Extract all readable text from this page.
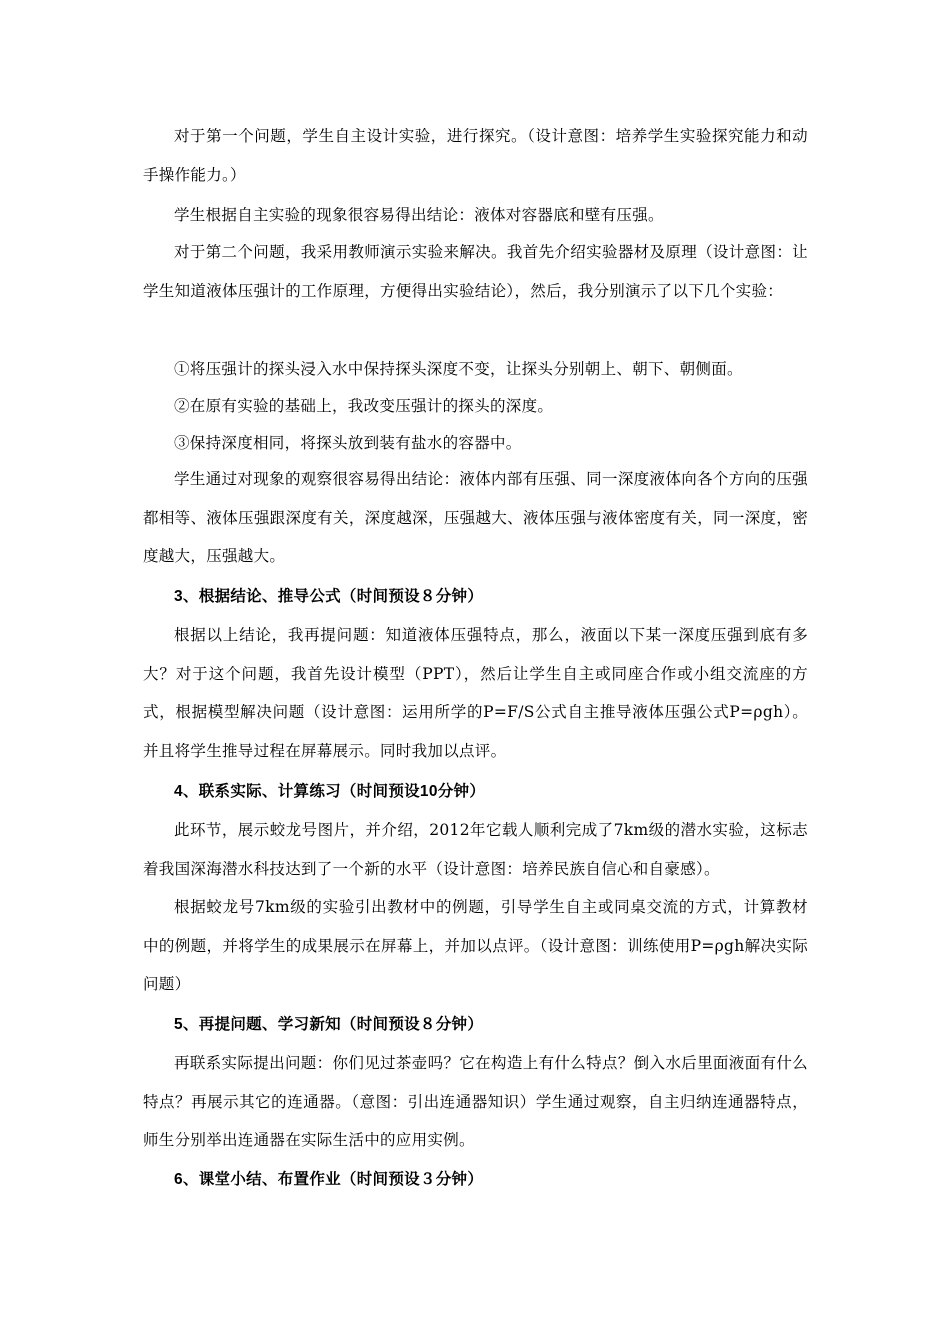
对于第一个问题，学生自主设计实验，进行探究。（设计意图：培养学生实验探究能力和动手操作能力。）

学生根据自主实验的现象很容易得出结论：液体对容器底和壁有压强。

对于第二个问题，我采用教师演示实验来解决。我首先介绍实验器材及原理（设计意图：让学生知道液体压强计的工作原理，方便得出实验结论），然后，我分别演示了以下几个实验：

①将压强计的探头浸入水中保持探头深度不变，让探头分别朝上、朝下、朝侧面。

②在原有实验的基础上，我改变压强计的探头的深度。

③保持深度相同，将探头放到装有盐水的容器中。

学生通过对现象的观察很容易得出结论：液体内部有压强、同一深度液体向各个方向的压强都相等、液体压强跟深度有关，深度越深，压强越大、液体压强与液体密度有关，同一深度，密度越大，压强越大。

3、根据结论、推导公式（时间预设８分钟）

根据以上结论，我再提问题：知道液体压强特点，那么，液面以下某一深度压强到底有多大？对于这个问题，我首先设计模型（PPT），然后让学生自主或同座合作或小组交流座的方式，根据模型解决问题（设计意图：运用所学的P=F/S公式自主推导液体压强公式P=ρgh）。并且将学生推导过程在屏幕展示。同时我加以点评。

4、联系实际、计算练习（时间预设10分钟）

此环节，展示蛟龙号图片，并介绍，2012年它载人顺利完成了7km级的潜水实验，这标志着我国深海潜水科技达到了一个新的水平（设计意图：培养民族自信心和自豪感）。

根据蛟龙号7km级的实验引出教材中的例题，引导学生自主或同桌交流的方式，计算教材中的例题，并将学生的成果展示在屏幕上，并加以点评。（设计意图：训练使用P=ρgh解决实际问题）

5、再提问题、学习新知（时间预设８分钟）

再联系实际提出问题：你们见过茶壶吗？它在构造上有什么特点？倒入水后里面液面有什么特点？再展示其它的连通器。（意图：引出连通器知识）学生通过观察，自主归纳连通器特点，师生分别举出连通器在实际生活中的应用实例。

6、课堂小结、布置作业（时间预设３分钟）
